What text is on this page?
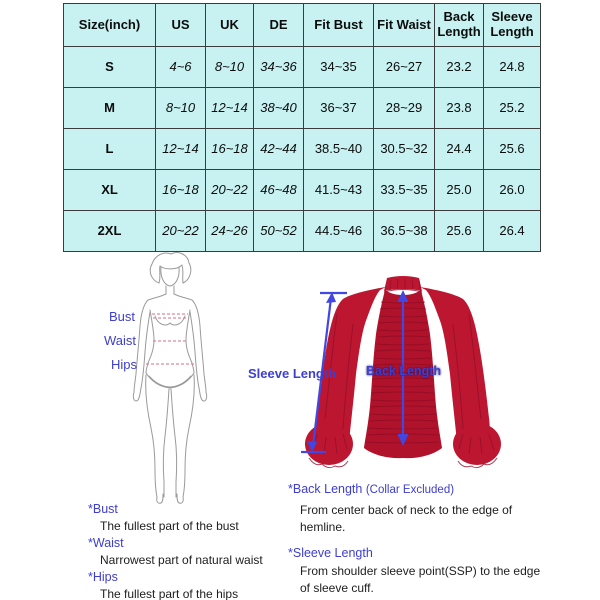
Size(inch)	US	UK	DE	Fit Bust	Fit Waist	Back Length	Sleeve Length
S	4~6	8~10	34~36	34~35	26~27	23.2	24.8
M	8~10	12~14	38~40	36~37	28~29	23.8	25.2
L	12~14	16~18	42~44	38.5~40	30.5~32	24.4	25.6
XL	16~18	20~22	46~48	41.5~43	33.5~35	25.0	26.0
2XL	20~22	24~26	50~52	44.5~46	36.5~38	25.6	26.4
Bust
Waist
Hips
Sleeve Length Back Length
*Bust
The fullest part of the bust
*Waist
Narrowest part of natural waist
*Hips
The fullest part of the hips
*Back Length (Collar Excluded)
From center back of neck to the edge of
hemline.
*Sleeve Length
From shoulder sleeve point(SSP) to the edge
of sleeve cuff.
